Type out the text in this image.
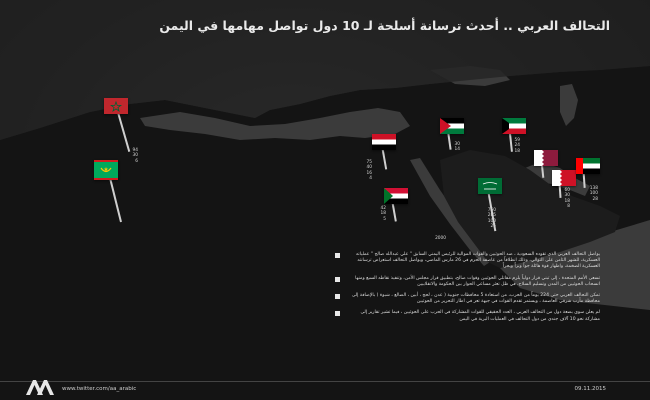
التحالف العربي .. أحدث ترسانة أسلحة لـ 10 دول تواصل مهامها في اليمن
94
30
6	75
40
16
4
30
14
59
24
18
42
18
5
750
285
100
25
2000
60
30
18
8
138
100
28
يواصل التحالف العربي الذي تقوده السعودية ، ضد الحوثيين والقوات الموالية للرئيس اليمني السابق " علي عبدالله صالح " عملياته العسكرية، للشهر الثامن على التوالي، وذلك انطلاقاً من عاصفة الحزم في 26 مارس الماضي، ويواصل التحالف استعراض ترسانته العسكرية الضخمة، واظهار قوة هائلة جواً وبراً وبحراً
تسعى الأمم المتحدة ، إلى تبني قرار دولياً يلزم مقاتلي الحوثيين وقوات صالح، بتطبيق قرار مجلس الأمن، وتنفيذ نقاطه السبع ومنها انسحاب الحوثيين من المدن وتسليم السلاح، في ظل تعثر مساعي الحوار بين الحكومة والانقلابيين
تمكن التحالف العربي حتى 224 يوماً من الحرب، من استعادة 5 محافظات جنوبية ( عدن ، لحج ، أبين ، الضالع ، شبوة ) بالإضافة إلى محافظة مأرب شرقي العاصمة ، ويستمر تقدم القوات في جبهة تعز في اطار التحرير من الحوثيين
لم يعلن سوى بضعة دول من التحالف العربي ، العدد الحقيقي للقوات المشاركة في الحرب على الحوثيين ، فيما تشير تقارير إلى مشاركة نحو 10 آلاف جندي من دول التحالف في العمليات البرية في اليمن
www.twitter.com/aa_arabic	09.11.2015
